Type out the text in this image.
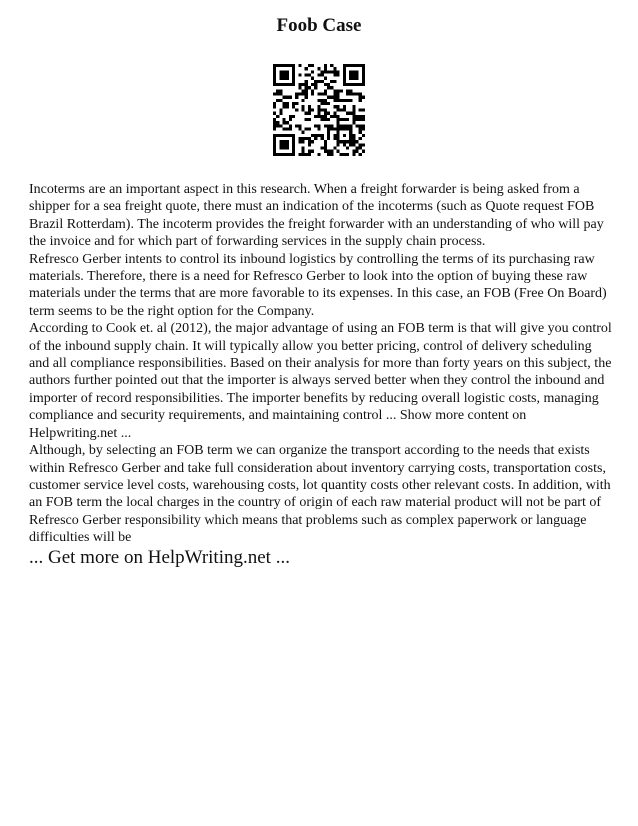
Foob Case

Incoterms are an important aspect in this research. When a freight forwarder is being asked from a shipper for a sea freight quote, there must an indication of the incoterms (such as Quote request FOB Brazil Rotterdam). The incoterm provides the freight forwarder with an understanding of who will pay the invoice and for which part of forwarding services in the supply chain process.

Refresco Gerber intents to control its inbound logistics by controlling the terms of its purchasing raw materials. Therefore, there is a need for Refresco Gerber to look into the option of buying these raw materials under the terms that are more favorable to its expenses. In this case, an FOB (Free On Board) term seems to be the right option for the Company.

According to Cook et. al (2012), the major advantage of using an FOB term is that will give you control of the inbound supply chain. It will typically allow you better pricing, control of delivery scheduling and all compliance responsibilities. Based on their analysis for more than forty years on this subject, the authors further pointed out that the importer is always served better when they control the inbound and importer of record responsibilities. The importer benefits by reducing overall logistic costs, managing compliance and security requirements, and maintaining control ... Show more content on Helpwriting.net ...

Although, by selecting an FOB term we can organize the transport according to the needs that exists within Refresco Gerber and take full consideration about inventory carrying costs, transportation costs, customer service level costs, warehousing costs, lot quantity costs other relevant costs. In addition, with an FOB term the local charges in the country of origin of each raw material product will not be part of Refresco Gerber responsibility which means that problems such as complex paperwork or language difficulties will be

... Get more on HelpWriting.net ...
